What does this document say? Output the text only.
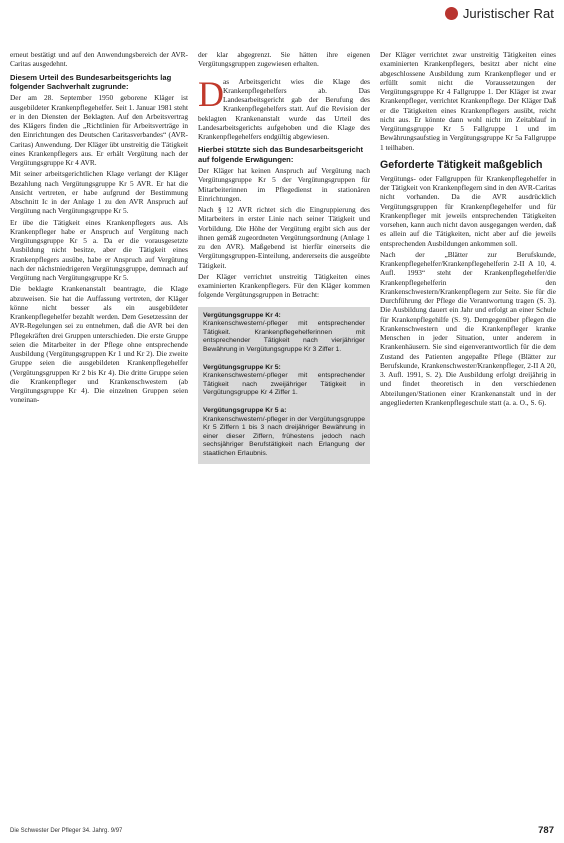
Juristischer Rat

erneut bestätigt und auf den Anwendungsbereich der AVR-Caritas ausgedehnt.

Diesem Urteil des Bundesarbeitsgerichts lag folgender Sachverhalt zugrunde:

Der am 28. September 1950 geborene Kläger ist ausgebildeter Krankenpflegehelfer. Seit 1. Januar 1981 steht er in den Diensten der Beklagten. Auf den Arbeitsvertrag des Klägers finden die „Richtlinien für Arbeitsverträge in den Einrichtungen des Deutschen Caritasverbandes“ (AVR-Caritas) Anwendung. Der Kläger übt unstreitig die Tätigkeit eines Krankenpflegers aus. Er erhält Vergütung nach der Vergütungsgruppe Kr 4 AVR.

Mit seiner arbeitsgerichtlichen Klage verlangt der Kläger Bezahlung nach Vergütungsgruppe Kr 5 AVR. Er hat die Ansicht vertreten, er habe aufgrund der Bestimmung Abschnitt Ic in der Anlage 1 zu den AVR Anspruch auf Vergütung nach Vergütungsgruppe Kr 5.

Er übe die Tätigkeit eines Krankenpflegers aus. Als Krankenpfleger habe er Anspruch auf Vergütung nach Vergütungsgruppe Kr 5 a. Da er die vorausgesetzte Ausbildung nicht besitze, aber die Tätigkeit eines Krankenpflegers ausübe, habe er Anspruch auf Vergütung nach der nächstniedrigeren Vergütungsgruppe, demnach auf Vergütung nach Vergütungsgruppe Kr 5.

Die beklagte Krankenanstalt beantragte, die Klage abzuweisen. Sie hat die Auffassung vertreten, der Kläger könne nicht besser als ein ausgebildeter Krankenpflegehelfer bezahlt werden. Dem Gesetzessinn der AVR-Regelungen sei zu entnehmen, daß die AVR bei den Pflegekräften drei Gruppen unterschieden. Die erste Gruppe seien die Mitarbeiter in der Pflege ohne entsprechende Ausbildung (Vergütungsgruppen Kr 1 und Kr 2). Die zweite Gruppe seien die ausgebildeten Krankenpflegehelfer (Vergütungsgruppen Kr 2 bis Kr 4). Die dritte Gruppe seien die Krankenpfleger und Krankenschwestern (ab Vergütungsgruppe Kr 4). Die einzelnen Gruppen seien voneinan-

der klar abgegrenzt. Sie hätten ihre eigenen Vergütungsgruppen zugewiesen erhalten.

D as Arbeitsgericht wies die Klage des Krankenpflegehelfers ab. Das Landesarbeitsgericht gab der Berufung des Krankenpflegehelfers statt. Auf die Revision der beklagten Krankenanstalt wurde das Urteil des Landesarbeitsgerichts aufgehoben und die Klage des Krankenpflegehelfers endgültig abgewiesen.

Hierbei stützte sich das Bundesarbeitsgericht auf folgende Erwägungen:

Der Kläger hat keinen Anspruch auf Vergütung nach Vergütungsgruppe Kr 5 der Vergütungsgruppen für Mitarbeiterinnen im Pflegedienst in stationären Einrichtungen.

Nach § 12 AVR richtet sich die Eingruppierung des Mitarbeiters in erster Linie nach seiner Tätigkeit und Vorbildung. Die Höhe der Vergütung ergibt sich aus der ihnen gemäß zugeordneten Vergütungsordnung (Anlage 1 zu den AVR). Maßgebend ist hierfür einerseits die Vergütungsgruppen-Einteilung, andererseits die ausgeübte Tätigkeit.

Der Kläger verrichtet unstreitig Tätigkeiten eines examinierten Krankenpflegers. Für den Kläger kommen folgende Vergütungsgruppen in Betracht:

Vergütungsgruppe Kr 4:
Krankenschwestern/-pfleger mit entsprechender Tätigkeit. Krankenpflegehelferinnen mit entsprechender Tätigkeit nach vierjähriger Bewährung in Vergütungsgruppe Kr 3 Ziffer 1.
Vergütungsgruppe Kr 5:
Krankenschwestern/-pfleger mit entsprechender Tätigkeit nach zweijähriger Tätigkeit in Vergütungsgruppe Kr 4 Ziffer 1.
Vergütungsgruppe Kr 5 a:
Krankenschwestern/-pfleger in der Vergütungsgruppe Kr 5 Ziffern 1 bis 3 nach dreijähriger Bewährung in einer dieser Ziffern, frühestens jedoch nach sechsjähriger Berufstätigkeit nach Erlangung der staatlichen Erlaubnis.

Der Kläger verrichtet zwar unstreitig Tätigkeiten eines examinierten Krankenpflegers, besitzt aber nicht eine abgeschlossene Ausbildung zum Krankenpfleger und er erfüllt somit nicht die Voraussetzungen der Vergütungsgruppe Kr 4 Fallgruppe 1. Der Kläger ist zwar Krankenpfleger, verrichtet Krankenpflege. Der Kläger Daß er die Tätigkeiten eines Krankenpflegers ausübt, reicht nicht aus. Er könnte dann wohl nicht im Zeitablauf in Vergütungsgruppe Kr 5 Fallgruppe 1 und im Bewährungsaufstieg in Vergütungsgruppe Kr 5a Fallgruppe 1 teilhaben.

Geforderte Tätigkeit maßgeblich

Vergütungs- oder Fallgruppen für Krankenpflegehelfer in der Tätigkeit von Krankenpflegern sind in den AVR-Caritas nicht vorhanden. Da die AVR ausdrücklich Vergütungsgruppen für Krankenpflegehelfer und für Krankenpfleger mit jeweils entsprechenden Tätigkeiten vorsehen, kann auch nicht davon ausgegangen werden, daß es allein auf die Tätigkeiten, nicht aber auf die jeweils entsprechenden Ausbildungen ankommen soll.

Nach der „Blätter zur Berufskunde, Krankenpflegehelfer/Krankenpflegehelferin 2-II A 10, 4. Aufl. 1993“ steht der Krankenpflegehelfer/die Krankenpflegehelferin den Krankenschwestern/Krankenpflegern zur Seite. Sie für die Durchführung der Pflege die Verantwortung tragen (S. 3). Die Ausbildung dauert ein Jahr und erfolgt an einer Schule für Krankenpflegehilfe (S. 9). Demgegenüber pflegen die Krankenschwestern und die Krankenpfleger kranke Menschen in jeder Situation, unter anderem in Krankenhäusern. Sie sind eigenverantwortlich für die dem Zustand des Patienten angepaßte Pflege (Blätter zur Berufskunde, Krankenschwester/Krankenpfleger, 2-II A 20, 3. Aufl. 1991, S. 2). Die Ausbildung erfolgt dreijährig in und findet theoretisch in den verschiedenen Abteilungen/Stationen einer Krankenanstalt und in der angegliederten Krankenpflegeschule statt (a. a. O., S. 6).

Die Schwester Der Pfleger 34. Jahrg. 9/97	787
